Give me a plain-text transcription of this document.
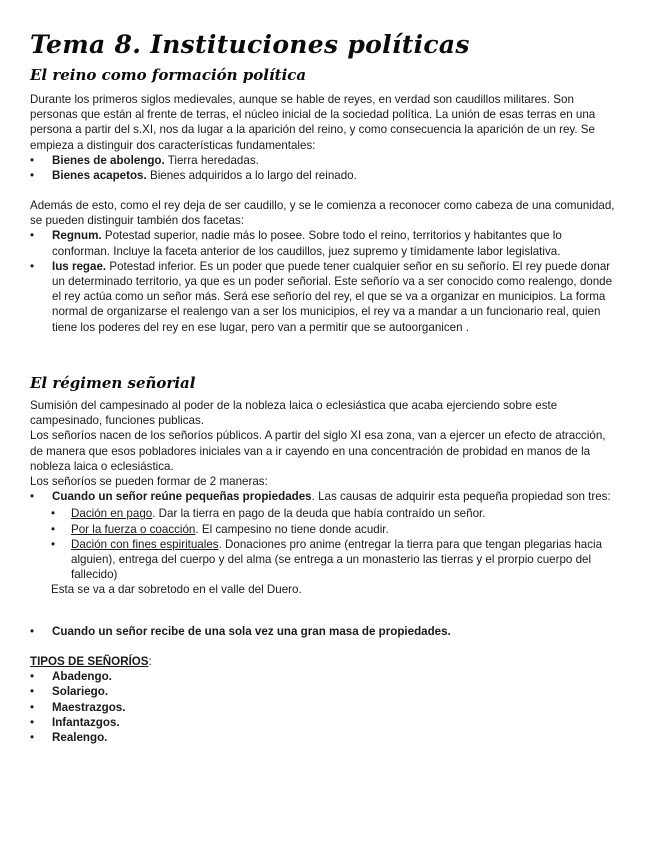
Tema 8. Instituciones políticas
El reino como formación política

Durante los primeros siglos medievales, aunque se hable de reyes, en verdad son caudillos militares. Son personas que están al frente de terras, el núcleo inicial de la sociedad política. La unión de esas terras en una persona a partir del s.XI, nos da lugar a la aparición del reino, y como consecuencia la aparición de un rey. Se empieza a distinguir dos características fundamentales:

• Bienes de abolengo. Tierra heredadas.
• Bienes acapetos. Bienes adquiridos a lo largo del reinado.

Además de esto, como el rey deja de ser caudillo, y se le comienza a reconocer como cabeza de una comunidad, se pueden distinguir también dos facetas:

• Regnum. Potestad superior, nadie más lo posee. Sobre todo el reino, territorios y habitantes que lo conforman. Incluye la faceta anterior de los caudillos, juez supremo y tímidamente labor legislativa.
• Ius regae. Potestad inferior. Es un poder que puede tener cualquier señor en su señorío. El rey puede donar un determinado territorio, ya que es un poder señorial. Este señorío va a ser conocido como realengo, donde el rey actúa como un señor más. Será ese señorío del rey, el que se va a organizar en municipios. La forma normal de organizarse el realengo van a ser los municipios, el rey va a mandar a un funcionario real, quien tiene los poderes del rey en ese lugar, pero van a permitir que se autoorganicen .
El régimen señorial

Sumisión del campesinado al poder de la nobleza laica o eclesiástica que acaba ejerciendo sobre este campesinado, funciones publicas.

Los señoríos nacen de los señoríos públicos. A partir del siglo XI esa zona, van a ejercer un efecto de atracción, de manera que esos pobladores iniciales van a ir cayendo en una concentración de probidad en manos de la nobleza laica o eclesiástica.

Los señoríos se pueden formar de 2 maneras:

• Cuando un señor reúne pequeñas propiedades. Las causas de adquirir esta pequeña propiedad son tres:
• Dación en pago. Dar la tierra en pago de la deuda que había contraído un señor.
• Por la fuerza o coacción. El campesino no tiene donde acudir.
• Dación con fines espirituales. Donaciones pro anime (entregar la tierra para que tengan plegarias hacia alguien), entrega del cuerpo y del alma (se entrega a un monasterio las tierras y el prorpio cuerpo del fallecido)

Esta se va a dar sobretodo en el valle del Duero.

• Cuando un señor recibe de una sola vez una gran masa de propiedades.

TIPOS DE SEÑORÍOS:

• Abadengo.
• Solariego.
• Maestrazgos.
• Infantazgos.
• Realengo.
